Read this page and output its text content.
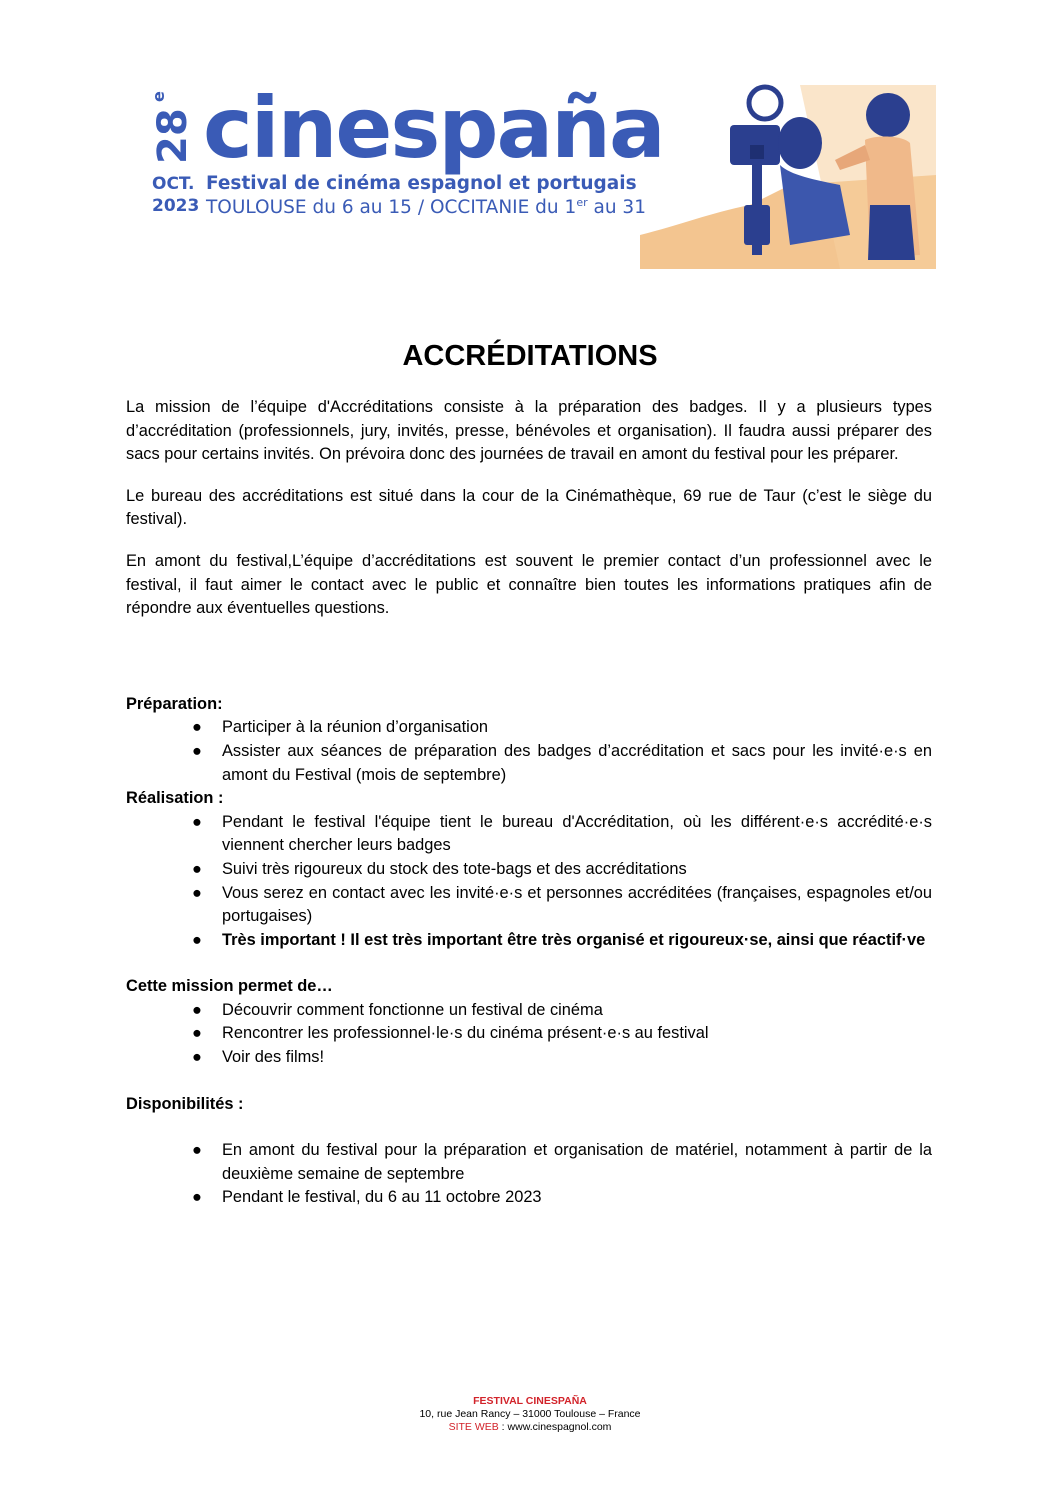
28
e cinespaña
OCT.
2023
Festival de cinéma espagnol et portugais
TOULOUSE du 6 au 15 / OCCITANIE du 1er au 31
ACCRÉDITATIONS

La mission de l’équipe d'Accréditations consiste à la préparation des badges. Il y a plusieurs types d’accréditation (professionnels, jury, invités, presse, bénévoles et organisation). Il faudra aussi préparer des sacs pour certains invités. On prévoira donc des journées de travail en amont du festival pour les préparer.

Le bureau des accréditations est situé dans la cour de la Cinémathèque, 69 rue de Taur (c’est le siège du festival).

En amont du festival,L’équipe d’accréditations est souvent le premier contact d’un professionnel avec le festival, il faut aimer le contact avec le public et connaître bien toutes les informations pratiques afin de répondre aux éventuelles questions.

Préparation:

● Participer à la réunion d’organisation
● Assister aux séances de préparation des badges d’accréditation et sacs pour les invité·e·s en amont du Festival (mois de septembre)

Réalisation :

● Pendant le festival l'équipe tient le bureau d'Accréditation, où les différent·e·s accrédité·e·s viennent chercher leurs badges
● Suivi très rigoureux du stock des tote-bags et des accréditations
● Vous serez en contact avec les invité·e·s et personnes accréditées (françaises, espagnoles et/ou portugaises)
● Très important ! Il est très important être très organisé et rigoureux·se, ainsi que réactif·ve

Cette mission permet de…

● Découvrir comment fonctionne un festival de cinéma
● Rencontrer les professionnel·le·s du cinéma présent·e·s au festival
● Voir des films!

Disponibilités :

● En amont du festival pour la préparation et organisation de matériel, notamment à partir de la deuxième semaine de septembre
● Pendant le festival, du 6 au 11 octobre 2023
FESTIVAL CINESPAÑA
10, rue Jean Rancy – 31000 Toulouse – France
SITE WEB : www.cinespagnol.com
